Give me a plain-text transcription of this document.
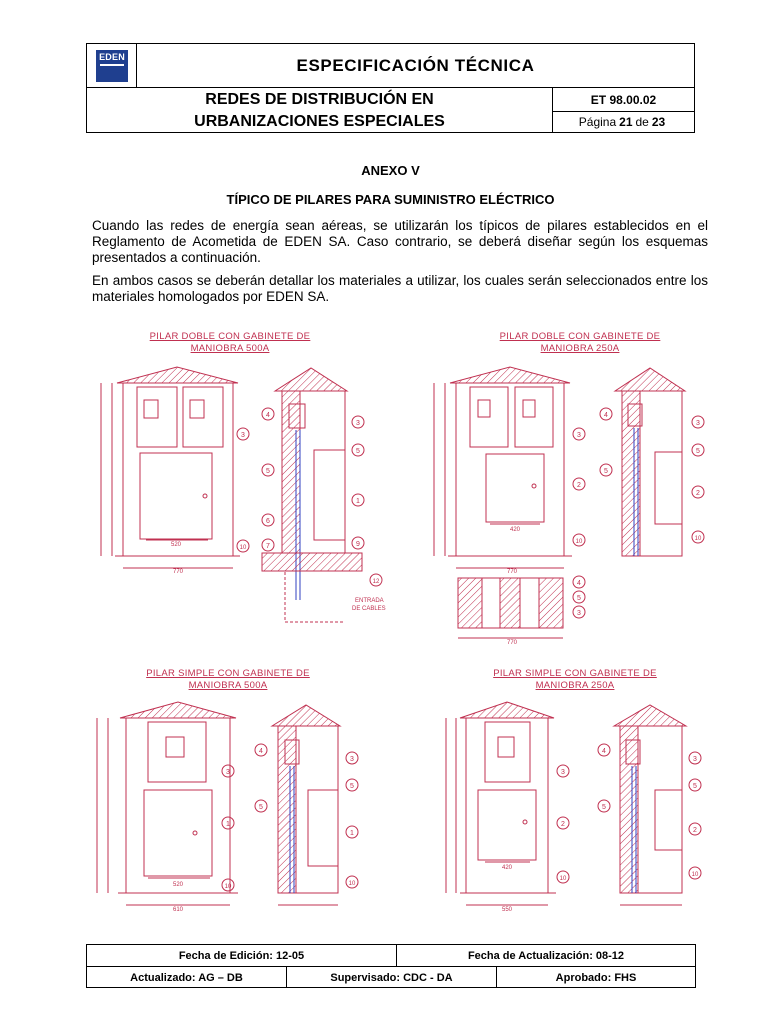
EDEN	ESPECIFICACIÓN TÉCNICA
REDES DE DISTRIBUCIÓN EN
URBANIZACIONES ESPECIALES
ET 98.00.02
Página 21 de 23
ANEXO V
TÍPICO DE PILARES PARA SUMINISTRO ELÉCTRICO
Cuando las redes de energía sean aéreas, se utilizarán los típicos de pilares establecidos en el Reglamento de Acometida de EDEN SA. Caso contrario, se deberá diseñar según los esquemas presentados a continuación.
En ambos casos se deberán detallar los materiales a utilizar, los cuales serán seleccionados entre los materiales homologados por EDEN SA.
PILAR DOBLE CON GABINETE DE
MANIOBRA 500A
PILAR DOBLE CON GABINETE DE
MANIOBRA 250A
PILAR SIMPLE CON GABINETE DE
MANIOBRA 500A
PILAR SIMPLE CON GABINETE DE
MANIOBRA 250A
770
520
3
10
4
3
5
5
1
6
7	9
12
ENTRADA
DE CABLES
770
420
3
2
10
4
3
5
5
2
10
770
4
5
3
610
520
3
1
10
4
3
5
5
1
10
550
420
3
2
10
4
3
5
5
2
10
Fecha de Edición: 12-05	Fecha de Actualización: 08-12
Actualizado: AG – DB	Supervisado: CDC - DA	Aprobado: FHS
